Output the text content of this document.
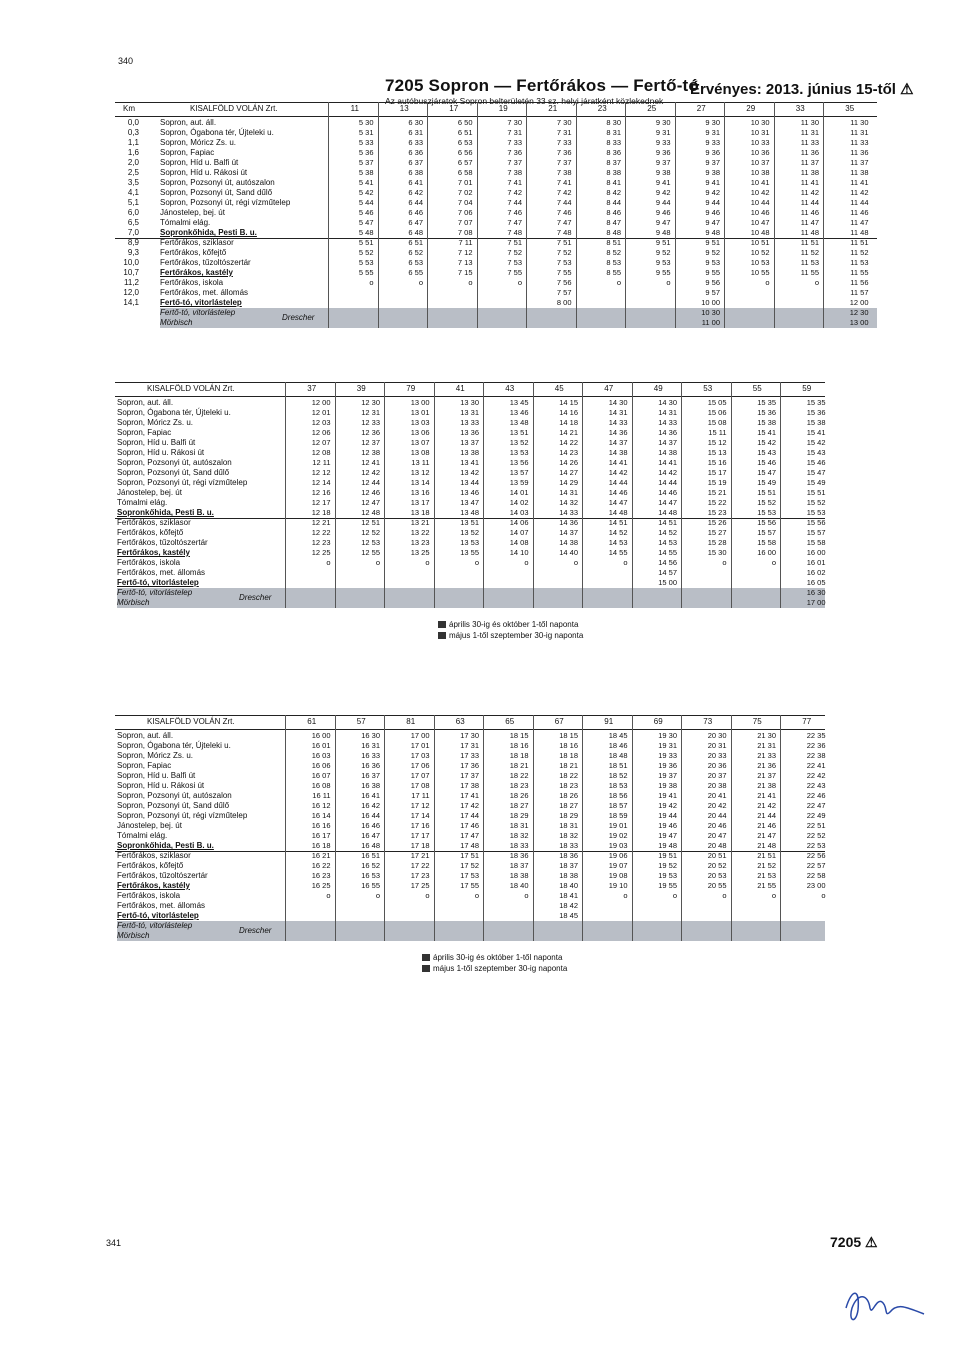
340
7205 Sopron — Fertőrákos — Fertő-tó
Az autóbuszjáratok Sopron belterületén 33 sz. helyi járatként közlekednek
Érvényes: 2013. június 15-től ⚠
KISALFÖLD VOLÁN Zrt.
Km
0,0
0,3
1,1
1,6
2,0
2,5
3,5
4,1
5,1
6,0
6,5
7,0
8,9
9,3
10,0
10,7
11,2
12,0
14,1
Sopron, aut. áll.
Sopron, Ógabona tér, Újteleki u.
Sopron, Móricz Zs. u.
Sopron, Fapiac
Sopron, Híd u. Balfi út
Sopron, Híd u. Rákosi út
Sopron, Pozsonyi út, autószalon
Sopron, Pozsonyi út, Sand dűlő
Sopron, Pozsonyi út, régi vízműtelep
Jánostelep, bej. út
Tómalmi elág.
Sopronkőhida, Pesti B. u.
Fertőrákos, sziklasor
Fertőrákos, kőfejtő
Fertőrákos, tűzoltószertár
Fertőrákos, kastély
Fertőrákos, iskola
Fertőrákos, met. állomás
Fertő-tó, vitorlástelep
Fertő-tó, vitorlástelep
Mörbisch
Drescher
11
5 30
5 31
5 33
5 36
5 37
5 38
5 41
5 42
5 44
5 46
5 47
5 48
5 51
5 52
5 53
5 55
o
13
6 30
6 31
6 33
6 36
6 37
6 38
6 41
6 42
6 44
6 46
6 47
6 48
6 51
6 52
6 53
6 55
o
17
6 50
6 51
6 53
6 56
6 57
6 58
7 01
7 02
7 04
7 06
7 07
7 08
7 11
7 12
7 13
7 15
o
19
7 30
7 31
7 33
7 36
7 37
7 38
7 41
7 42
7 44
7 46
7 47
7 48
7 51
7 52
7 53
7 55
o
21
7 30
7 31
7 33
7 36
7 37
7 38
7 41
7 42
7 44
7 46
7 47
7 48
7 51
7 52
7 53
7 55
7 56
7 57
8 00
23
8 30
8 31
8 33
8 36
8 37
8 38
8 41
8 42
8 44
8 46
8 47
8 48
8 51
8 52
8 53
8 55
o
25
9 30
9 31
9 33
9 36
9 37
9 38
9 41
9 42
9 44
9 46
9 47
9 48
9 51
9 52
9 53
9 55
o
27
9 30
9 31
9 33
9 36
9 37
9 38
9 41
9 42
9 44
9 46
9 47
9 48
9 51
9 52
9 53
9 55
9 56
9 57
10 00
10 30
11 00
29
10 30
10 31
10 33
10 36
10 37
10 38
10 41
10 42
10 44
10 46
10 47
10 48
10 51
10 52
10 53
10 55
o
33
11 30
11 31
11 33
11 36
11 37
11 38
11 41
11 42
11 44
11 46
11 47
11 48
11 51
11 52
11 53
11 55
o
35
11 30
11 31
11 33
11 36
11 37
11 38
11 41
11 42
11 44
11 46
11 47
11 48
11 51
11 52
11 53
11 55
11 56
11 57
12 00
12 30
13 00
KISALFÖLD VOLÁN Zrt.
Sopron, aut. áll.
Sopron, Ógabona tér, Újteleki u.
Sopron, Móricz Zs. u.
Sopron, Fapiac
Sopron, Híd u. Balfi út
Sopron, Híd u. Rákosi út
Sopron, Pozsonyi út, autószalon
Sopron, Pozsonyi út, Sand dűlő
Sopron, Pozsonyi út, régi vízműtelep
Jánostelep, bej. út
Tómalmi elág.
Sopronkőhida, Pesti B. u.
Fertőrákos, sziklasor
Fertőrákos, kőfejtő
Fertőrákos, tűzoltószertár
Fertőrákos, kastély
Fertőrákos, iskola
Fertőrákos, met. állomás
Fertő-tó, vitorlástelep
Fertő-tó, vitorlástelep
Mörbisch
Drescher
37
12 00
12 01
12 03
12 06
12 07
12 08
12 11
12 12
12 14
12 16
12 17
12 18
12 21
12 22
12 23
12 25
o
39
12 30
12 31
12 33
12 36
12 37
12 38
12 41
12 42
12 44
12 46
12 47
12 48
12 51
12 52
12 53
12 55
o
79
13 00
13 01
13 03
13 06
13 07
13 08
13 11
13 12
13 14
13 16
13 17
13 18
13 21
13 22
13 23
13 25
o
41
13 30
13 31
13 33
13 36
13 37
13 38
13 41
13 42
13 44
13 46
13 47
13 48
13 51
13 52
13 53
13 55
o
43
13 45
13 46
13 48
13 51
13 52
13 53
13 56
13 57
13 59
14 01
14 02
14 03
14 06
14 07
14 08
14 10
o
45
14 15
14 16
14 18
14 21
14 22
14 23
14 26
14 27
14 29
14 31
14 32
14 33
14 36
14 37
14 38
14 40
o
47
14 30
14 31
14 33
14 36
14 37
14 38
14 41
14 42
14 44
14 46
14 47
14 48
14 51
14 52
14 53
14 55
o
49
14 30
14 31
14 33
14 36
14 37
14 38
14 41
14 42
14 44
14 46
14 47
14 48
14 51
14 52
14 53
14 55
14 56
14 57
15 00
53
15 05
15 06
15 08
15 11
15 12
15 13
15 16
15 17
15 19
15 21
15 22
15 23
15 26
15 27
15 28
15 30
o
55
15 35
15 36
15 38
15 41
15 42
15 43
15 46
15 47
15 49
15 51
15 52
15 53
15 56
15 57
15 58
16 00
o
59
15 35
15 36
15 38
15 41
15 42
15 43
15 46
15 47
15 49
15 51
15 52
15 53
15 56
15 57
15 58
16 00
16 01
16 02
16 05
16 30
17 00
április 30-ig és október 1-től naponta
május 1-től szeptember 30-ig naponta
KISALFÖLD VOLÁN Zrt.
Sopron, aut. áll.
Sopron, Ógabona tér, Újteleki u.
Sopron, Móricz Zs. u.
Sopron, Fapiac
Sopron, Híd u. Balfi út
Sopron, Híd u. Rákosi út
Sopron, Pozsonyi út, autószalon
Sopron, Pozsonyi út, Sand dűlő
Sopron, Pozsonyi út, régi vízműtelep
Jánostelep, bej. út
Tómalmi elág.
Sopronkőhida, Pesti B. u.
Fertőrákos, sziklasor
Fertőrákos, kőfejtő
Fertőrákos, tűzoltószertár
Fertőrákos, kastély
Fertőrákos, iskola
Fertőrákos, met. állomás
Fertő-tó, vitorlástelep
Fertő-tó, vitorlástelep
Mörbisch
Drescher
61
16 00
16 01
16 03
16 06
16 07
16 08
16 11
16 12
16 14
16 16
16 17
16 18
16 21
16 22
16 23
16 25
o
57
16 30
16 31
16 33
16 36
16 37
16 38
16 41
16 42
16 44
16 46
16 47
16 48
16 51
16 52
16 53
16 55
o
81
17 00
17 01
17 03
17 06
17 07
17 08
17 11
17 12
17 14
17 16
17 17
17 18
17 21
17 22
17 23
17 25
o
63
17 30
17 31
17 33
17 36
17 37
17 38
17 41
17 42
17 44
17 46
17 47
17 48
17 51
17 52
17 53
17 55
o
65
18 15
18 16
18 18
18 21
18 22
18 23
18 26
18 27
18 29
18 31
18 32
18 33
18 36
18 37
18 38
18 40
o
67
18 15
18 16
18 18
18 21
18 22
18 23
18 26
18 27
18 29
18 31
18 32
18 33
18 36
18 37
18 38
18 40
18 41
18 42
18 45
91
18 45
18 46
18 48
18 51
18 52
18 53
18 56
18 57
18 59
19 01
19 02
19 03
19 06
19 07
19 08
19 10
o
69
19 30
19 31
19 33
19 36
19 37
19 38
19 41
19 42
19 44
19 46
19 47
19 48
19 51
19 52
19 53
19 55
o
73
20 30
20 31
20 33
20 36
20 37
20 38
20 41
20 42
20 44
20 46
20 47
20 48
20 51
20 52
20 53
20 55
o
75
21 30
21 31
21 33
21 36
21 37
21 38
21 41
21 42
21 44
21 46
21 47
21 48
21 51
21 52
21 53
21 55
o
77
22 35
22 36
22 38
22 41
22 42
22 43
22 46
22 47
22 49
22 51
22 52
22 53
22 56
22 57
22 58
23 00
o
április 30-ig és október 1-től naponta
május 1-től szeptember 30-ig naponta
341	7205 ⚠
